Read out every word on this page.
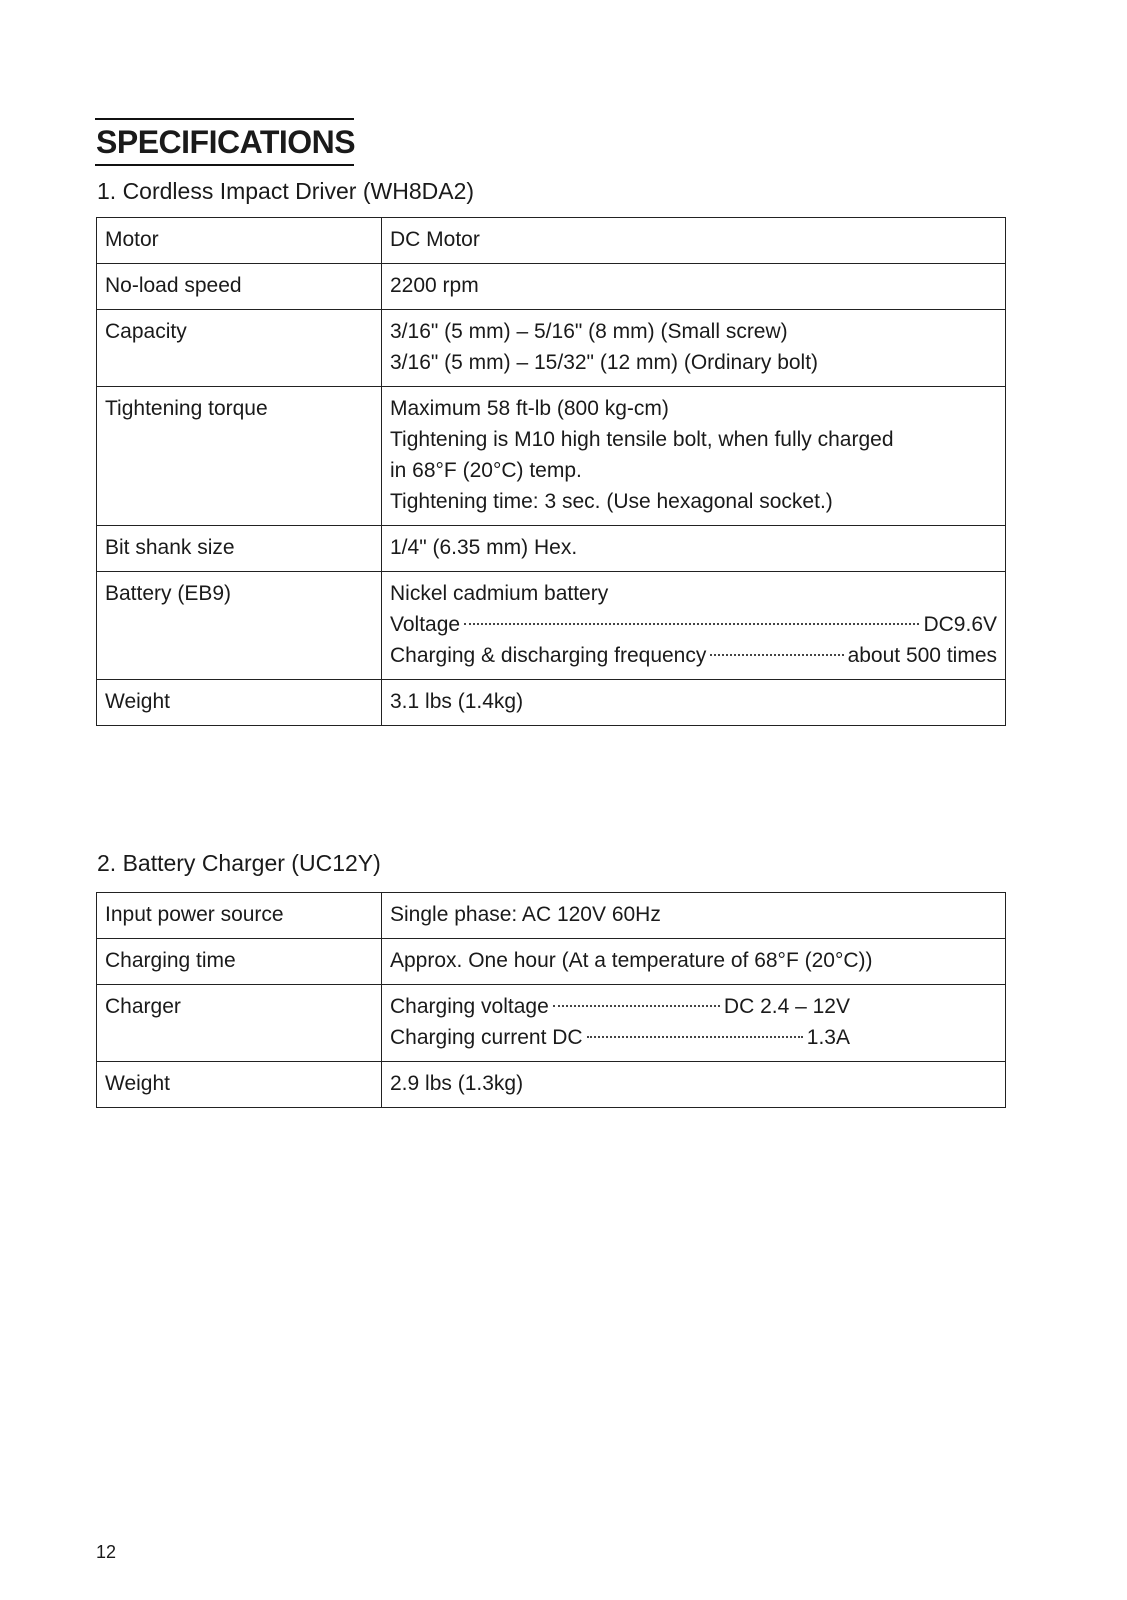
SPECIFICATIONS
1. Cordless Impact Driver (WH8DA2)
Motor	DC Motor

No-load speed	2200 rpm

Capacity	3/16" (5 mm) – 5/16" (8 mm) (Small screw)
3/16" (5 mm) – 15/32" (12 mm) (Ordinary bolt)

Tightening torque	Maximum 58 ft-lb (800 kg-cm)
Tightening is M10 high tensile bolt, when fully charged
in 68°F (20°C) temp.
Tightening time: 3 sec. (Use hexagonal socket.)

Bit shank size	1/4" (6.35 mm) Hex.

Battery (EB9)	Nickel cadmium battery
Voltage DC9.6V
Charging & discharging frequency about 500 times

Weight	3.1 lbs (1.4kg)
2. Battery Charger (UC12Y)
Input power source	Single phase: AC 120V 60Hz

Charging time	Approx. One hour (At a temperature of 68°F (20°C))

Charger	Charging voltage DC 2.4 – 12V
Charging current DC 1.3A

Weight	2.9 lbs (1.3kg)
12
